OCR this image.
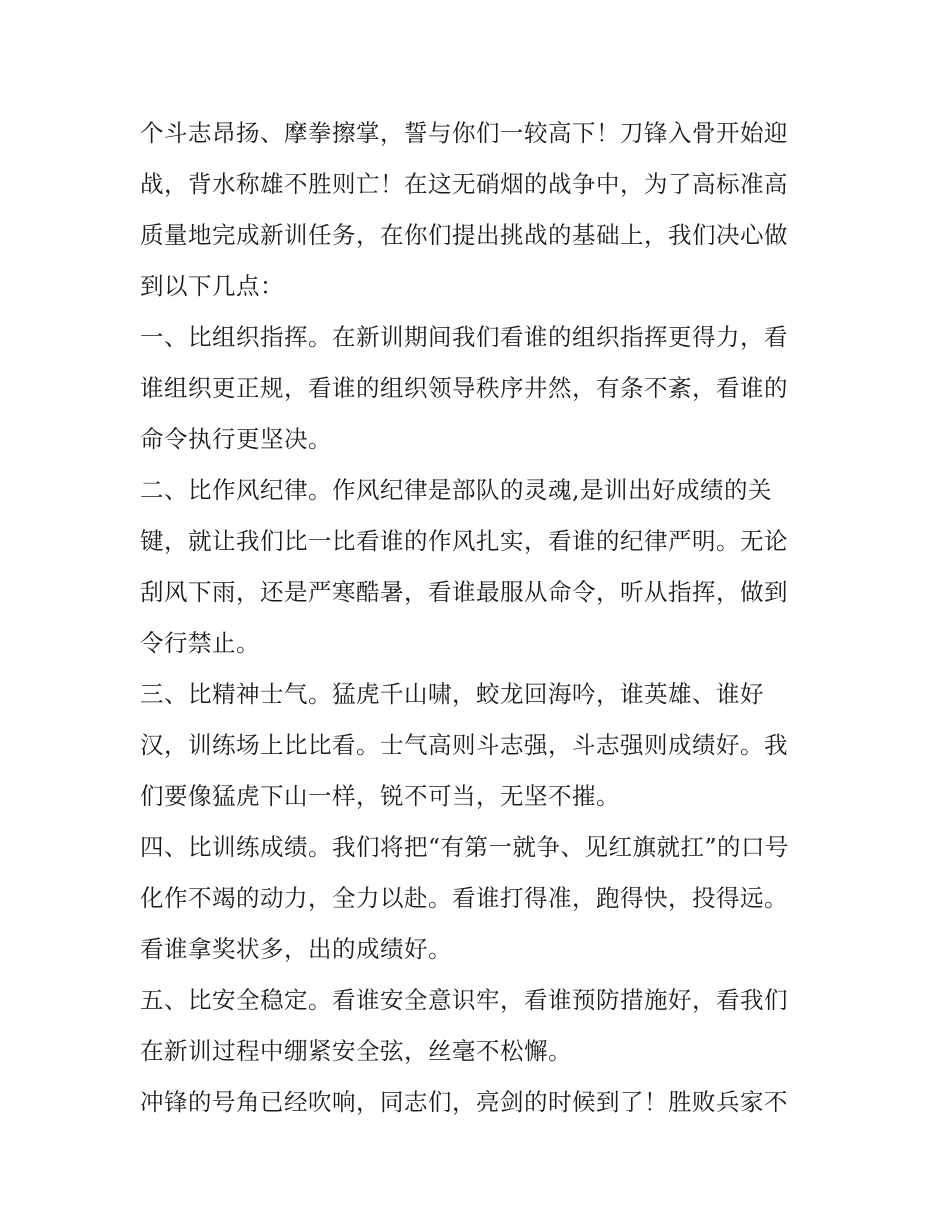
个斗志昂扬、摩拳擦掌，誓与你们一较高下！刀锋入骨开始迎
战，背水称雄不胜则亡！在这无硝烟的战争中，为了高标准高
质量地完成新训任务，在你们提出挑战的基础上，我们决心做
到以下几点：
一、比组织指挥。在新训期间我们看谁的组织指挥更得力，看
谁组织更正规，看谁的组织领导秩序井然，有条不紊，看谁的
命令执行更坚决。
二、比作风纪律。作风纪律是部队的灵魂,是训出好成绩的关
键，就让我们比一比看谁的作风扎实，看谁的纪律严明。无论
刮风下雨，还是严寒酷暑，看谁最服从命令，听从指挥，做到
令行禁止。
三、比精神士气。猛虎千山啸，蛟龙回海吟，谁英雄、谁好
汉，训练场上比比看。士气高则斗志强，斗志强则成绩好。我
们要像猛虎下山一样，锐不可当，无坚不摧。
四、比训练成绩。我们将把“有第一就争、见红旗就扛”的口号
化作不竭的动力，全力以赴。看谁打得准，跑得快，投得远。
看谁拿奖状多，出的成绩好。
五、比安全稳定。看谁安全意识牢，看谁预防措施好，看我们
在新训过程中绷紧安全弦，丝毫不松懈。
冲锋的号角已经吹响，同志们，亮剑的时候到了！胜败兵家不
